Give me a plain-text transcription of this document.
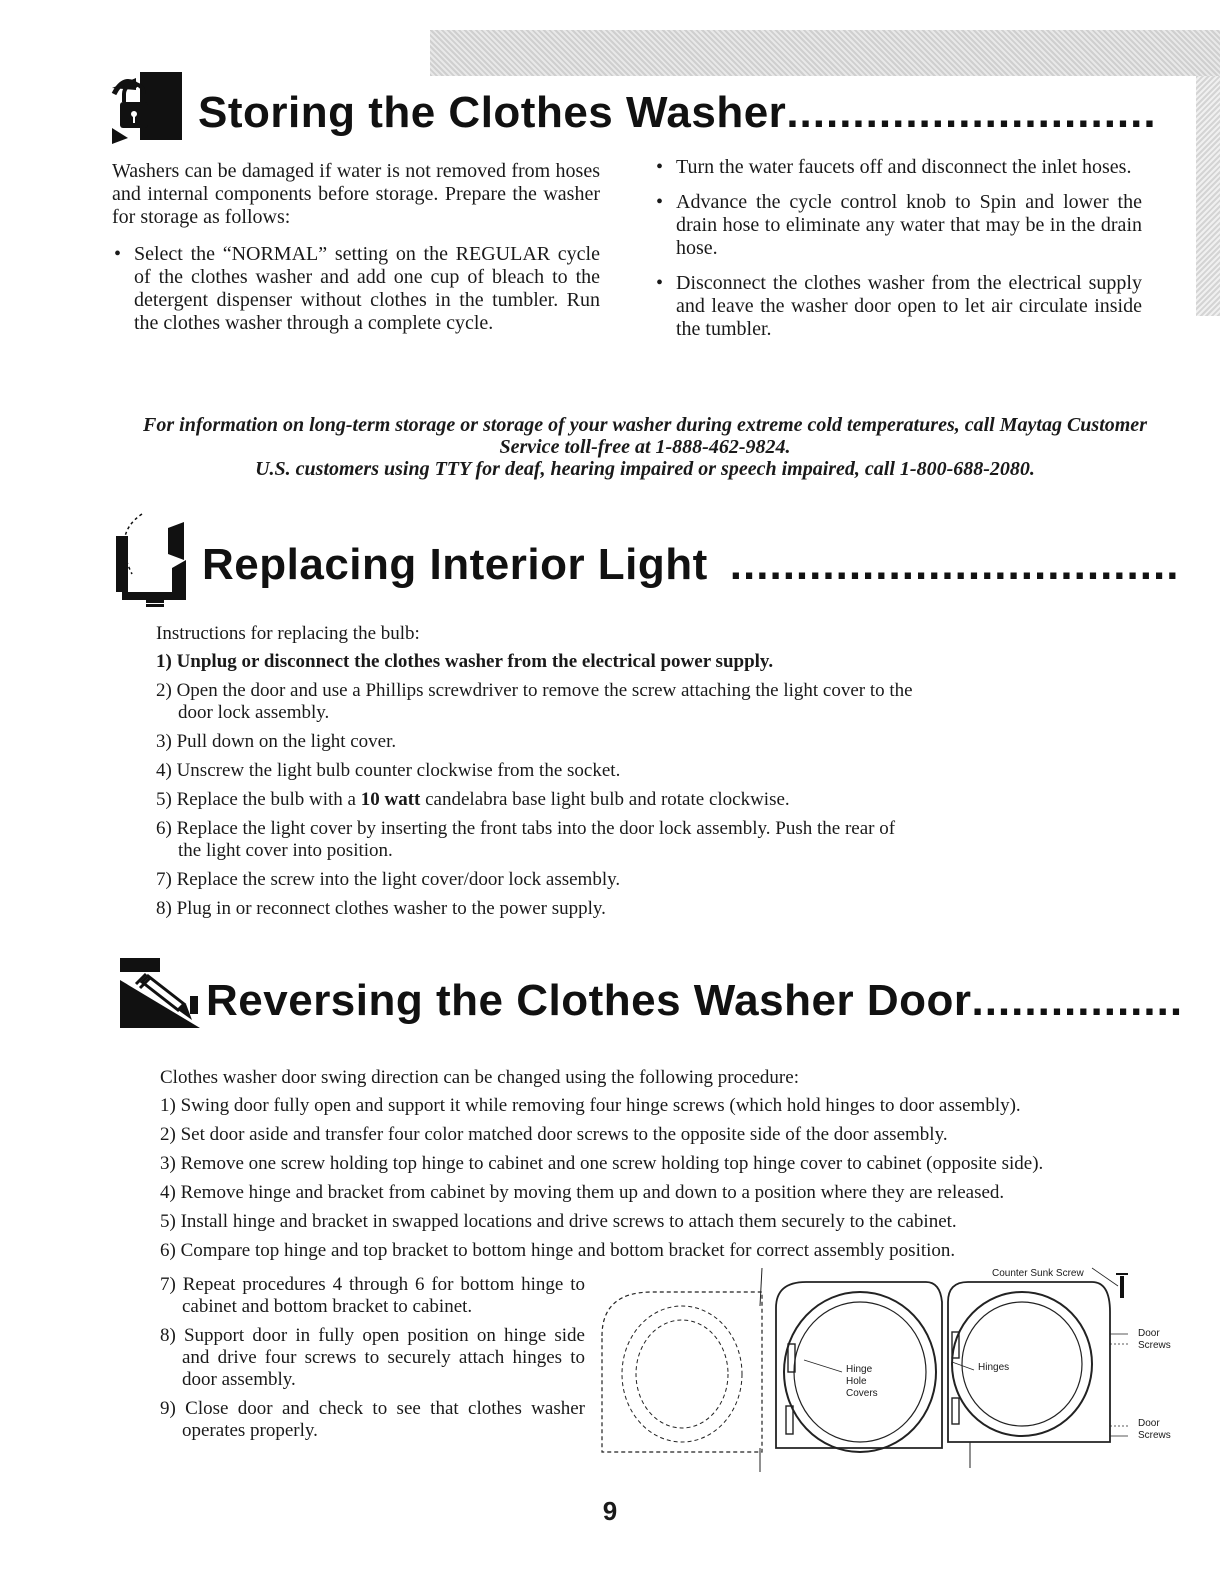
Storing the Clothes Washer............................

Washers can be damaged if water is not removed from hoses and internal components before storage. Prepare the washer for storage as follows:

• Select the “NORMAL” setting on the REGULAR cycle of the clothes washer and add one cup of bleach to the detergent dispenser without clothes in the tumbler. Run the clothes washer through a complete cycle.
• Turn the water faucets off and disconnect the inlet hoses.
• Advance the cycle control knob to Spin and lower the drain hose to eliminate any water that may be in the drain hose.
• Disconnect the clothes washer from the electrical supply and leave the washer door open to let air circulate inside the tumbler.
For information on long-term storage or storage of your washer during extreme cold temperatures, call Maytag Customer Service toll-free at 1-888-462-9824.
U.S. customers using TTY for deaf, hearing impaired or speech impaired, call 1-800-688-2080.
Replacing Interior Light ..................................

Instructions for replacing the bulb:

1) Unplug or disconnect the clothes washer from the electrical power supply.
2) Open the door and use a Phillips screwdriver to remove the screw attaching the light cover to the door lock assembly.
3) Pull down on the light cover.
4) Unscrew the light bulb counter clockwise from the socket.
5) Replace the bulb with a 10 watt candelabra base light bulb and rotate clockwise.
6) Replace the light cover by inserting the front tabs into the door lock assembly. Push the rear of the light cover into position.
7) Replace the screw into the light cover/door lock assembly.
8) Plug in or reconnect clothes washer to the power supply.
Reversing the Clothes Washer Door................

Clothes washer door swing direction can be changed using the following procedure:

1) Swing door fully open and support it while removing four hinge screws (which hold hinges to door assembly).
2) Set door aside and transfer four color matched door screws to the opposite side of the door assembly.
3) Remove one screw holding top hinge to cabinet and one screw holding top hinge cover to cabinet (opposite side).
4) Remove hinge and bracket from cabinet by moving them up and down to a position where they are released.
5) Install hinge and bracket in swapped locations and drive screws to attach them securely to the cabinet.
6) Compare top hinge and top bracket to bottom hinge and bottom bracket for correct assembly position.
7) Repeat procedures 4 through 6 for bottom hinge to cabinet and bottom bracket to cabinet.
8) Support door in fully open position on hinge side and drive four screws to securely attach hinges to door assembly.
9) Close door and check to see that clothes washer operates properly.
Counter Sunk Screw
Hinge
Hole
Covers
Hinges
Door
Screws
Door
Screws
9
